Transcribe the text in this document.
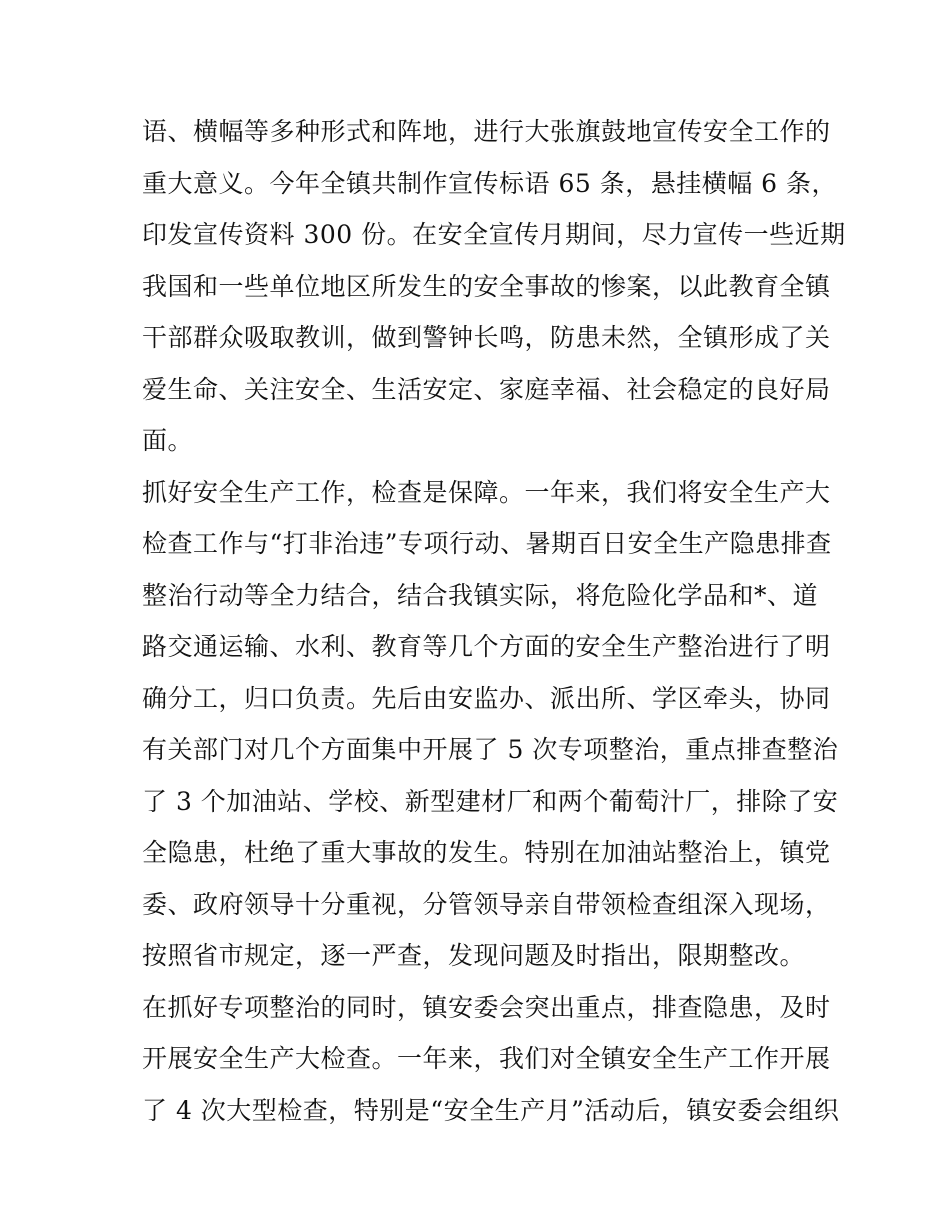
语、横幅等多种形式和阵地，进行大张旗鼓地宣传安全工作的
重大意义。今年全镇共制作宣传标语 65 条，悬挂横幅 6 条，
印发宣传资料 300 份。在安全宣传月期间，尽力宣传一些近期
我国和一些单位地区所发生的安全事故的惨案，以此教育全镇
干部群众吸取教训，做到警钟长鸣，防患未然，全镇形成了关
爱生命、关注安全、生活安定、家庭幸福、社会稳定的良好局
面。
抓好安全生产工作，检查是保障。一年来，我们将安全生产大
检查工作与“打非治违”专项行动、暑期百日安全生产隐患排查
整治行动等全力结合，结合我镇实际，将危险化学品和*、道
路交通运输、水利、教育等几个方面的安全生产整治进行了明
确分工，归口负责。先后由安监办、派出所、学区牵头，协同
有关部门对几个方面集中开展了 5 次专项整治，重点排查整治
了 3 个加油站、学校、新型建材厂和两个葡萄汁厂，排除了安
全隐患，杜绝了重大事故的发生。特别在加油站整治上，镇党
委、政府领导十分重视，分管领导亲自带领检查组深入现场，
按照省市规定，逐一严查，发现问题及时指出，限期整改。
在抓好专项整治的同时，镇安委会突出重点，排查隐患，及时
开展安全生产大检查。一年来，我们对全镇安全生产工作开展
了 4 次大型检查，特别是“安全生产月”活动后，镇安委会组织
